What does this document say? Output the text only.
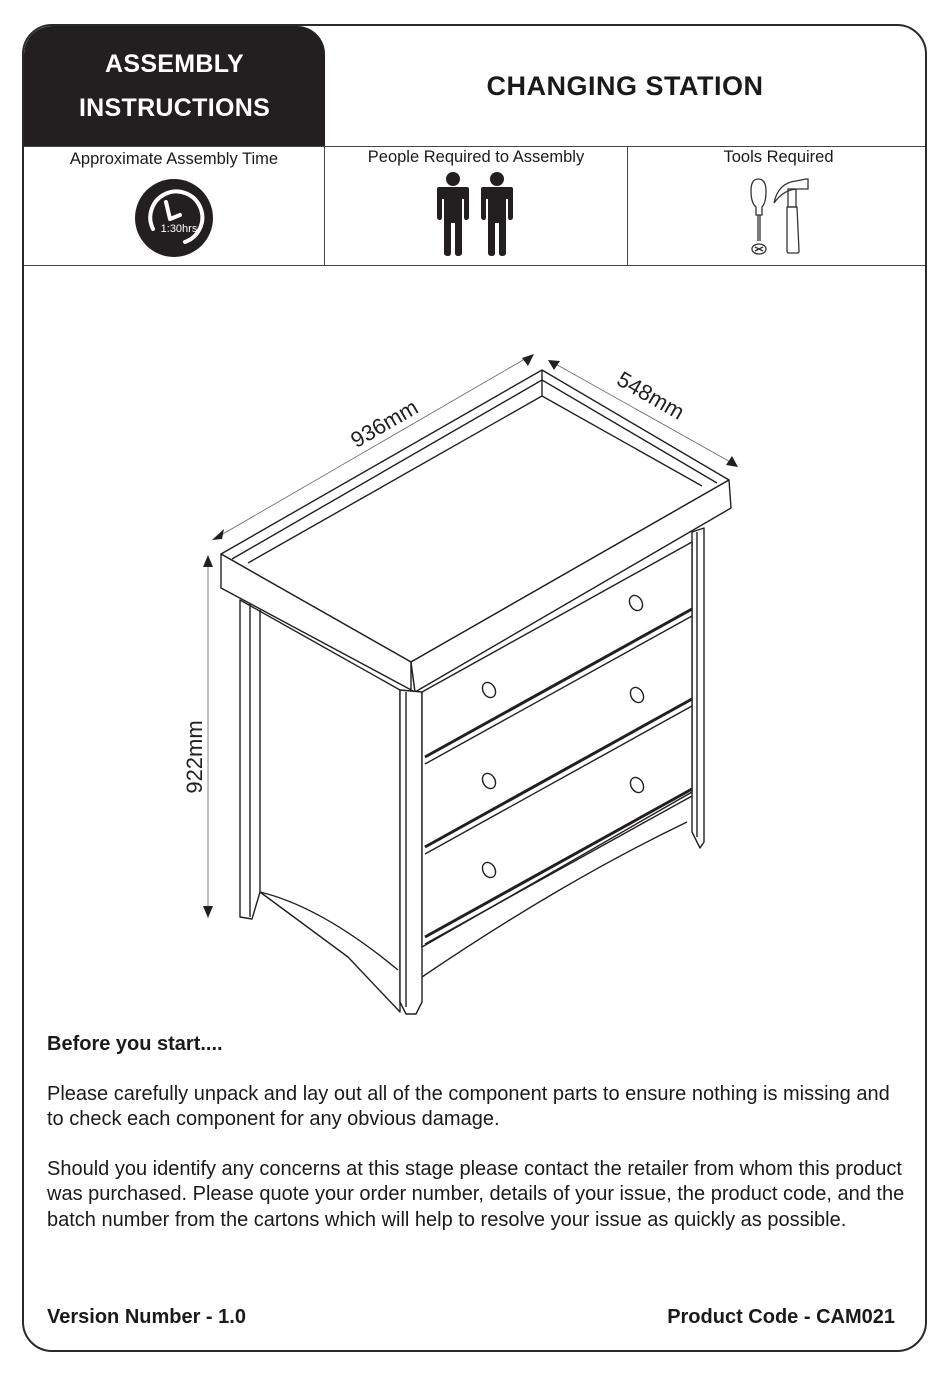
ASSEMBLY
INSTRUCTIONS
CHANGING STATION
Approximate Assembly Time
1:30hrs
People Required to Assembly	Tools Required
936mm	548mm
922mm
Before you start....

Please carefully unpack and lay out all of the component parts to ensure nothing is missing and to check each component for any obvious damage.

Should you identify any concerns at this stage please contact the retailer from whom this product was purchased. Please quote your order number, details of your issue, the product code, and the batch number from the cartons which will help to resolve your issue as quickly as possible.

Version Number - 1.0	Product Code - CAM021
